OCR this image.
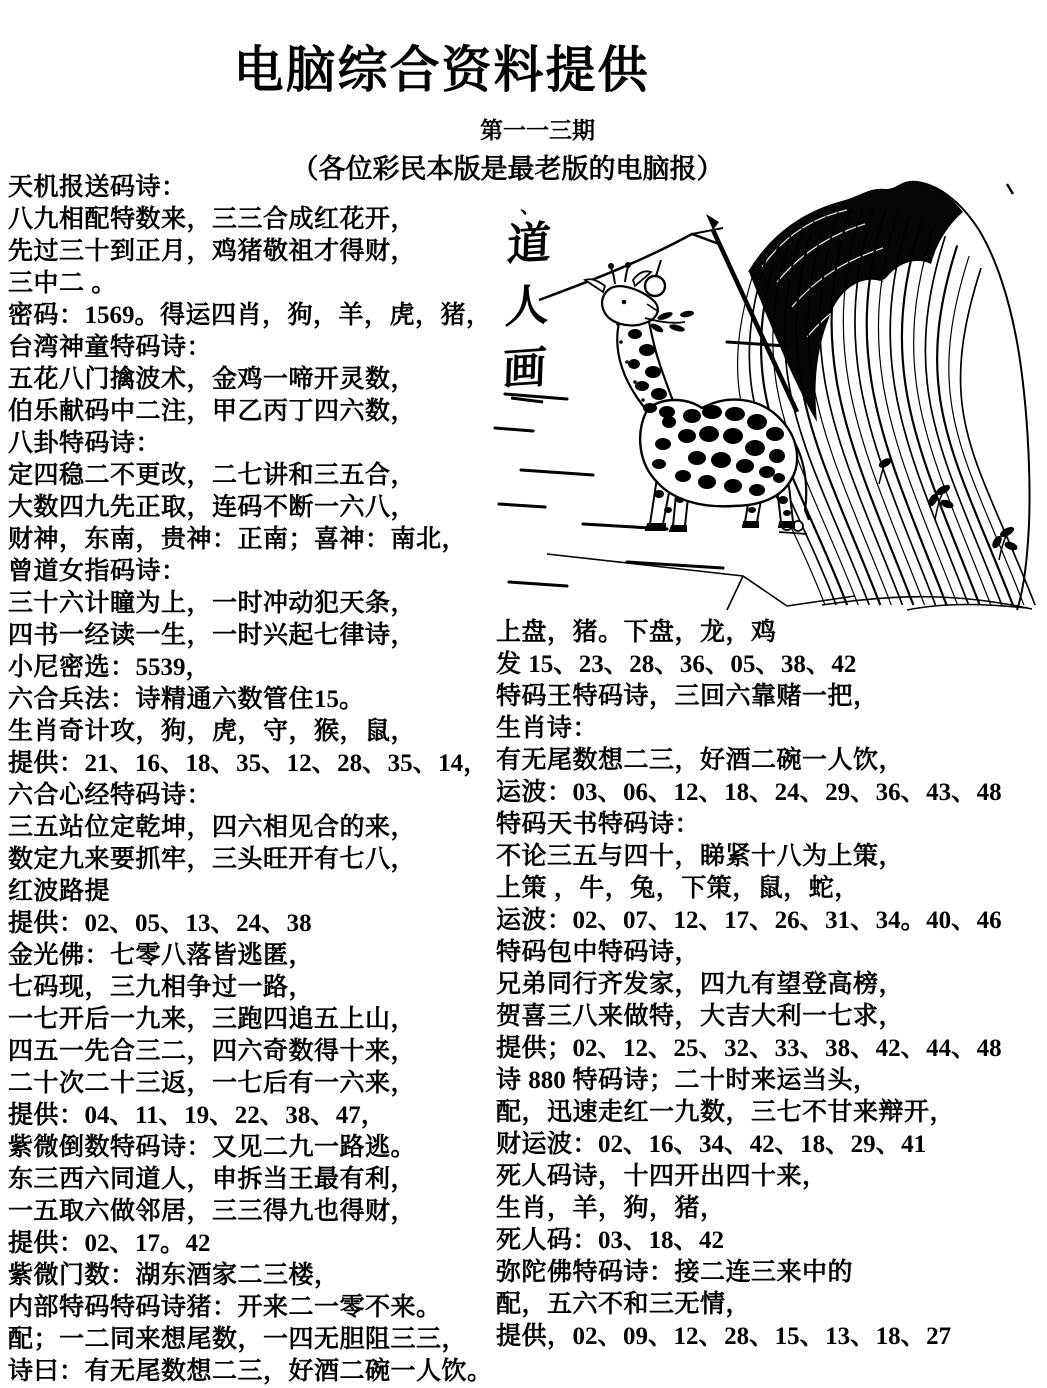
电脑综合资料提供
第一一三期
（各位彩民本版是最老版的电脑报）
天机报送码诗：
八九相配特数来，三三合成红花开，
先过三十到正月，鸡猪敬祖才得财，
三中二 。
密码：1569。得运四肖，狗，羊，虎，猪，
台湾神童特码诗：
五花八门擒波术，金鸡一啼开灵数，
伯乐献码中二注，甲乙丙丁四六数，
八卦特码诗：
定四稳二不更改，二七讲和三五合，
大数四九先正取，连码不断一六八，
财神，东南，贵神：正南；喜神：南北，
曾道女指码诗：
三十六计瞳为上，一时冲动犯天条，
四书一经读一生，一时兴起七律诗，
小尼密选：5539，
六合兵法：诗精通六数管住15。
生肖奇计攻，狗，虎，守，猴，鼠，
提供：21、16、18、35、12、28、35、14，
六合心经特码诗：
三五站位定乾坤，四六相见合的来，
数定九来要抓牢，三头旺开有七八，
红波路提
提供：02、05、13、24、38
金光佛：七零八落皆逃匿，
七码现，三九相争过一路，
一七开后一九来，三跑四追五上山，
四五一先合三二，四六奇数得十来，
二十次二十三返，一七后有一六来，
提供：04、11、19、22、38、47，
紫微倒数特码诗：又见二九一路逃。
东三西六同道人，申拆当王最有利，
一五取六做邻居，三三得九也得财，
提供：02、17。42
紫微门数：湖东酒家二三楼，
内部特码特码诗猪：开来二一零不来。
配；一二同来想尾数，一四无胆阻三三，
诗曰：有无尾数想二三，好酒二碗一人饮。
上盘，猪。下盘，龙，鸡
发 15、23、28、36、05、38、42
特码王特码诗，三回六靠赌一把，
生肖诗：
有无尾数想二三，好酒二碗一人饮，
运波：03、06、12、18、24、29、36、43、48
特码天书特码诗：
不论三五与四十，睇紧十八为上策，
上策 ，牛，兔，下策，鼠，蛇，
运波：02、07、12、17、26、31、34。40、46
特码包中特码诗，
兄弟同行齐发家，四九有望登高榜，
贺喜三八来做特，大吉大利一七求，
提供；02、12、25、32、33、38、42、44、48
诗 880 特码诗；二十时来运当头，
配，迅速走红一九数，三七不甘来辩开，
财运波：02、16、34、42、18、29、41
死人码诗，十四开出四十来，
生肖，羊，狗，猪，
死人码：03、18、42
弥陀佛特码诗：接二连三来中的
配，五六不和三无情，
提供，02、09、12、28、15、13、18、27
、
道
人
画
